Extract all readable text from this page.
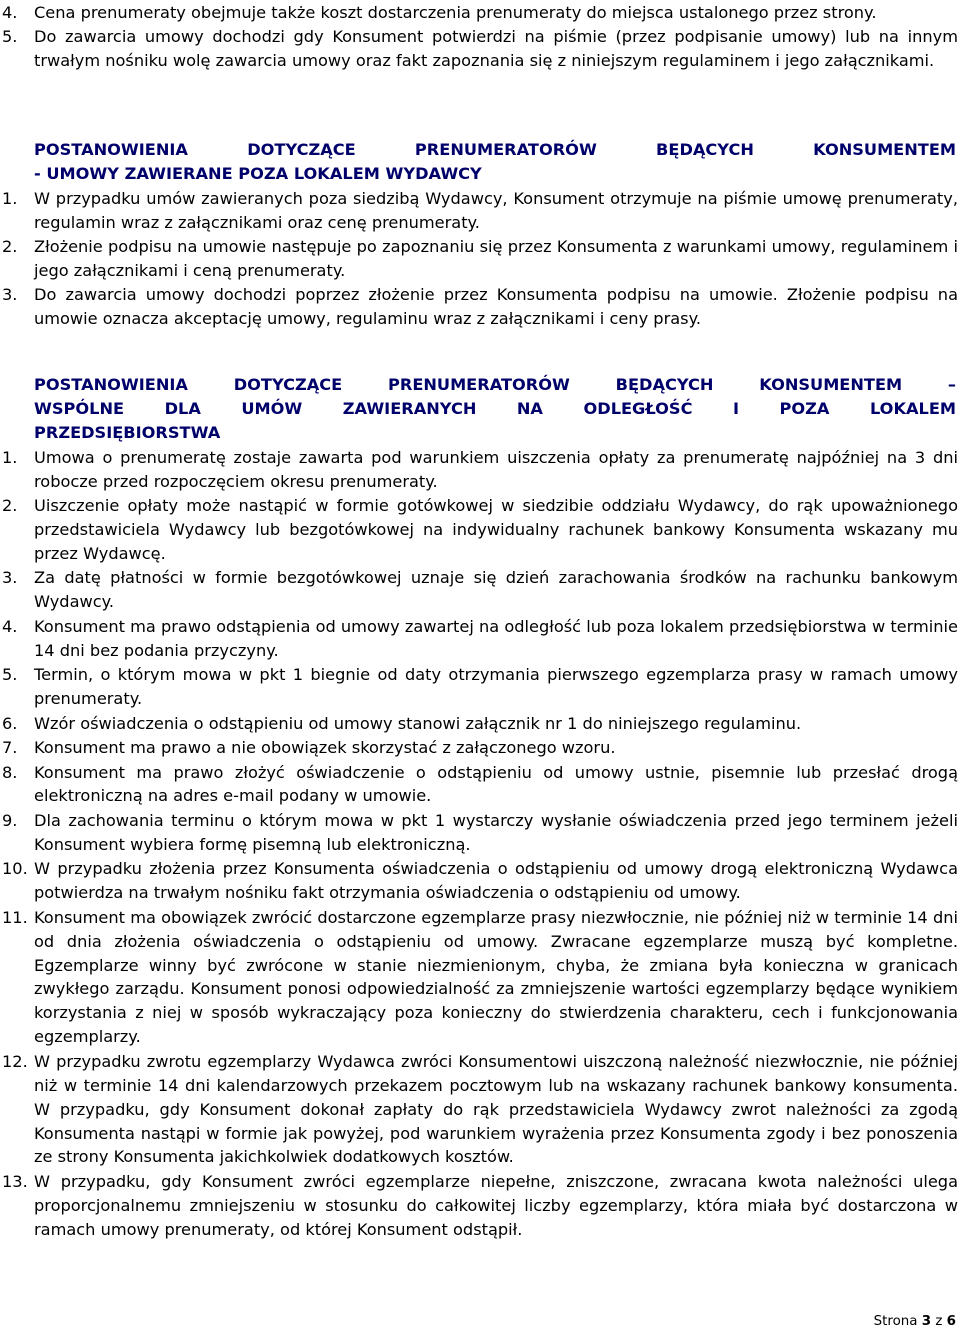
4.	Cena prenumeraty obejmuje także koszt dostarczenia prenumeraty do miejsca ustalonego przez strony.
5.	Do zawarcia umowy dochodzi gdy Konsument potwierdzi na piśmie (przez podpisanie umowy) lub na innym trwałym nośniku wolę zawarcia umowy oraz fakt zapoznania się z niniejszym regulaminem i jego załącznikami.
POSTANOWIENIA DOTYCZĄCE PRENUMERATORÓW BĘDĄCYCH KONSUMENTEM
- UMOWY ZAWIERANE POZA LOKALEM WYDAWCY
1.	W przypadku umów zawieranych poza siedzibą Wydawcy, Konsument otrzymuje na piśmie umowę prenumeraty, regulamin wraz z załącznikami oraz cenę prenumeraty.
2.	Złożenie podpisu na umowie następuje po zapoznaniu się przez Konsumenta z warunkami umowy, regulaminem i jego załącznikami i ceną prenumeraty.
3.	Do zawarcia umowy dochodzi poprzez złożenie przez Konsumenta podpisu na umowie. Złożenie podpisu na umowie oznacza akceptację umowy, regulaminu wraz z załącznikami i ceny prasy.
POSTANOWIENIA DOTYCZĄCE PRENUMERATORÓW BĘDĄCYCH KONSUMENTEM –
WSPÓLNE DLA UMÓW ZAWIERANYCH NA ODLEGŁOŚĆ I POZA LOKALEM
PRZEDSIĘBIORSTWA
1.	Umowa o prenumeratę zostaje zawarta pod warunkiem uiszczenia opłaty za prenumeratę najpóźniej na 3 dni robocze przed rozpoczęciem okresu prenumeraty.
2.	Uiszczenie opłaty może nastąpić w formie gotówkowej w siedzibie oddziału Wydawcy, do rąk upoważnionego przedstawiciela Wydawcy lub bezgotówkowej na indywidualny rachunek bankowy Konsumenta wskazany mu przez Wydawcę.
3.	Za datę płatności w formie bezgotówkowej uznaje się dzień zarachowania środków na rachunku bankowym Wydawcy.
4.	Konsument ma prawo odstąpienia od umowy zawartej na odległość lub poza lokalem przedsiębiorstwa w terminie 14 dni bez podania przyczyny.
5.	Termin, o którym mowa w pkt 1 biegnie od daty otrzymania pierwszego egzemplarza prasy w ramach umowy prenumeraty.
6.	Wzór oświadczenia o odstąpieniu od umowy stanowi załącznik nr 1 do niniejszego regulaminu.
7.	Konsument ma prawo a nie obowiązek skorzystać z załączonego wzoru.
8.	Konsument ma prawo złożyć oświadczenie o odstąpieniu od umowy ustnie, pisemnie lub przesłać drogą elektroniczną na adres e-mail podany w umowie.
9.	Dla zachowania terminu o którym mowa w pkt 1 wystarczy wysłanie oświadczenia przed jego terminem jeżeli Konsument wybiera formę pisemną lub elektroniczną.
10. W przypadku złożenia przez Konsumenta oświadczenia o odstąpieniu od umowy drogą elektroniczną Wydawca potwierdza na trwałym nośniku fakt otrzymania oświadczenia o odstąpieniu od umowy.
11. Konsument ma obowiązek zwrócić dostarczone egzemplarze prasy niezwłocznie, nie później niż w terminie 14 dni od dnia złożenia oświadczenia o odstąpieniu od umowy. Zwracane egzemplarze muszą być kompletne. Egzemplarze winny być zwrócone w stanie niezmienionym, chyba, że zmiana była konieczna w granicach zwykłego zarządu. Konsument ponosi odpowiedzialność za zmniejszenie wartości egzemplarzy będące wynikiem korzystania z niej w sposób wykraczający poza konieczny do stwierdzenia charakteru, cech i funkcjonowania egzemplarzy.
12. W przypadku zwrotu egzemplarzy Wydawca zwróci Konsumentowi uiszczoną należność niezwłocznie, nie później niż w terminie 14 dni kalendarzowych przekazem pocztowym lub na wskazany rachunek bankowy konsumenta. W przypadku, gdy Konsument dokonał zapłaty do rąk przedstawiciela Wydawcy zwrot należności za zgodą Konsumenta nastąpi w formie jak powyżej, pod warunkiem wyrażenia przez Konsumenta zgody i bez ponoszenia ze strony Konsumenta jakichkolwiek dodatkowych kosztów.
13. W przypadku, gdy Konsument zwróci egzemplarze niepełne, zniszczone, zwracana kwota należności ulega proporcjonalnemu zmniejszeniu w stosunku do całkowitej liczby egzemplarzy, która miała być dostarczona w ramach umowy prenumeraty, od której Konsument odstąpił.
Strona 3 z 6
